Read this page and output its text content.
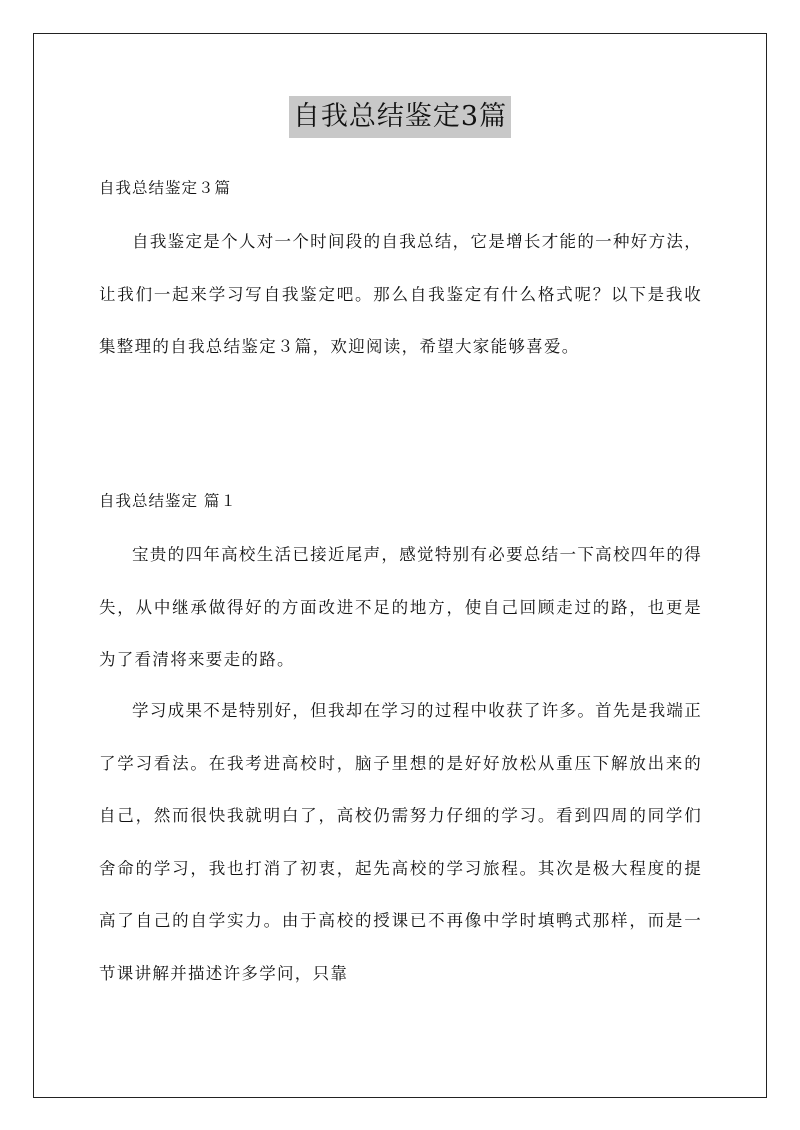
自我总结鉴定3篇
自我总结鉴定３篇

自我鉴定是个人对一个时间段的自我总结，它是增长才能的一种好方法，让我们一起来学习写自我鉴定吧。那么自我鉴定有什么格式呢？以下是我收集整理的自我总结鉴定３篇，欢迎阅读，希望大家能够喜爱。

自我总结鉴定 篇１

宝贵的四年高校生活已接近尾声，感觉特别有必要总结一下高校四年的得失，从中继承做得好的方面改进不足的地方，使自己回顾走过的路，也更是为了看清将来要走的路。

学习成果不是特别好，但我却在学习的过程中收获了许多。首先是我端正了学习看法。在我考进高校时，脑子里想的是好好放松从重压下解放出来的自己，然而很快我就明白了，高校仍需努力仔细的学习。看到四周的同学们舍命的学习，我也打消了初衷，起先高校的学习旅程。其次是极大程度的提高了自己的自学实力。由于高校的授课已不再像中学时填鸭式那样，而是一节课讲解并描述许多学问，只靠
